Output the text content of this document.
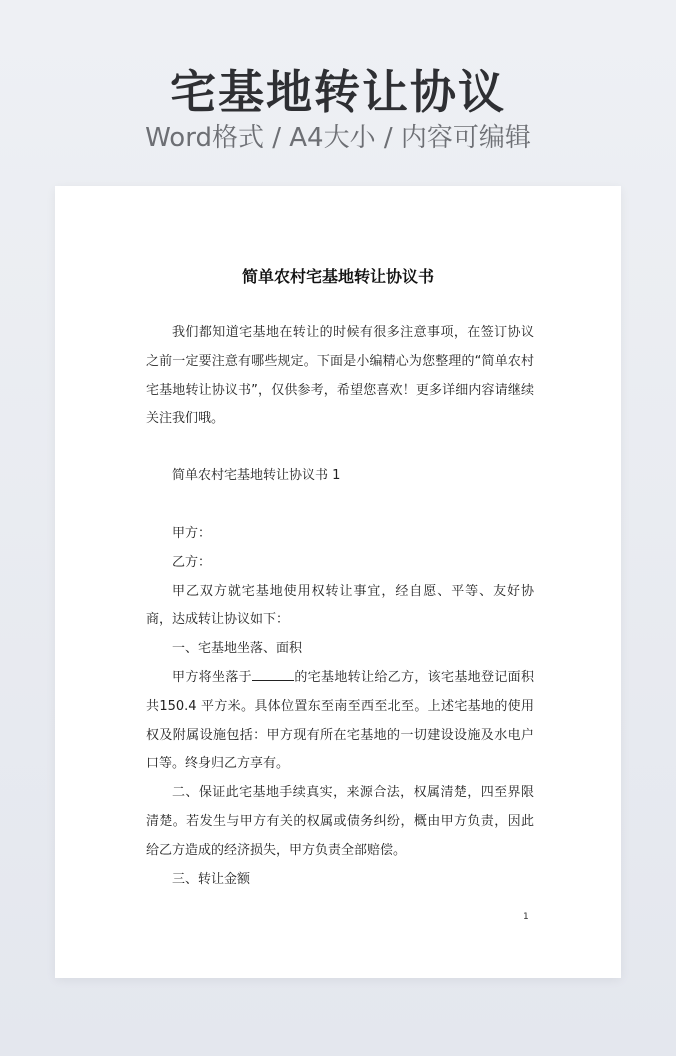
宅基地转让协议
Word格式 / A4大小 / 内容可编辑
简单农村宅基地转让协议书

我们都知道宅基地在转让的时候有很多注意事项，在签订协议之前一定要注意有哪些规定。下面是小编精心为您整理的“简单农村宅基地转让协议书”，仅供参考，希望您喜欢！更多详细内容请继续关注我们哦。

简单农村宅基地转让协议书 1

甲方：

乙方：

甲乙双方就宅基地使用权转让事宜，经自愿、平等、友好协商，达成转让协议如下：

一、宅基地坐落、面积

甲方将坐落于	的宅基地转让给乙方，该宅基地登记面积共150.4 平方米。具体位置东至南至西至北至。上述宅基地的使用权及附属设施包括：甲方现有所在宅基地的一切建设设施及水电户口等。终身归乙方享有。

二、保证此宅基地手续真实，来源合法，权属清楚，四至界限清楚。若发生与甲方有关的权属或债务纠纷，概由甲方负责，因此给乙方造成的经济损失，甲方负责全部赔偿。

三、转让金额

1
